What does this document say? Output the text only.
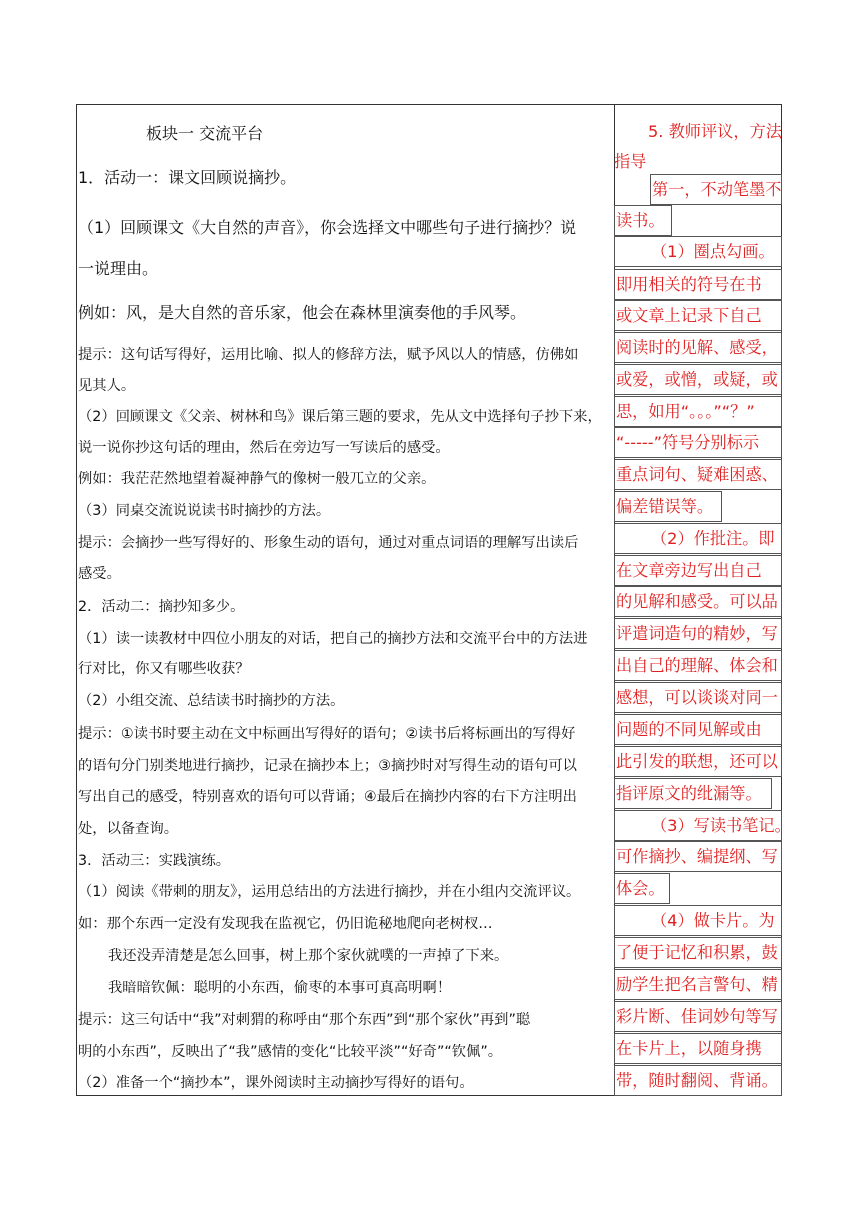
板块一 交流平台
1．活动一：课文回顾说摘抄。
（1）回顾课文《大自然的声音》，你会选择文中哪些句子进行摘抄？说
一说理由。
例如：风，是大自然的音乐家，他会在森林里演奏他的手风琴。
提示：这句话写得好，运用比喻、拟人的修辞方法，赋予风以人的情感，仿佛如
见其人。
（2）回顾课文《父亲、树林和鸟》课后第三题的要求，先从文中选择句子抄下来，
说一说你抄这句话的理由，然后在旁边写一写读后的感受。
例如：我茫茫然地望着凝神静气的像树一般兀立的父亲。
（3）同桌交流说说读书时摘抄的方法。
提示：会摘抄一些写得好的、形象生动的语句，通过对重点词语的理解写出读后
感受。
2．活动二：摘抄知多少。
（1）读一读教材中四位小朋友的对话，把自己的摘抄方法和交流平台中的方法进
行对比，你又有哪些收获？
（2）小组交流、总结读书时摘抄的方法。
提示：①读书时要主动在文中标画出写得好的语句；②读书后将标画出的写得好
的语句分门别类地进行摘抄，记录在摘抄本上；③摘抄时对写得生动的语句可以
写出自己的感受，特别喜欢的语句可以背诵；④最后在摘抄内容的右下方注明出
处，以备查询。
3．活动三：实践演练。
（1）阅读《带刺的朋友》，运用总结出的方法进行摘抄，并在小组内交流评议。
如：那个东西一定没有发现我在监视它，仍旧诡秘地爬向老树杈…
我还没弄清楚是怎么回事，树上那个家伙就噗的一声掉了下来。
我暗暗钦佩：聪明的小东西，偷枣的本事可真高明啊！
提示：这三句话中“我”对刺猬的称呼由“那个东西”到“那个家伙”再到”聪
明的小东西”，反映出了“我”感情的变化“比较平淡”“好奇”“钦佩”。
（2）准备一个“摘抄本”，课外阅读时主动摘抄写得好的语句。
5. 教师评议，方法
指导
第一，不动笔墨不
读书。
（1）圈点勾画。
即用相关的符号在书
或文章上记录下自己
阅读时的见解、感受，
或爱，或憎，或疑，或
思，如用“。。。”“？”
“-----”符号分别标示
重点词句、疑难困惑、
偏差错误等。
（2）作批注。即
在文章旁边写出自己
的见解和感受。可以品
评遣词造句的精妙，写
出自己的理解、体会和
感想，可以谈谈对同一
问题的不同见解或由
此引发的联想，还可以
指评原文的纰漏等。
（3）写读书笔记。
可作摘抄、编提纲、写
体会。
（4）做卡片。为
了便于记忆和积累，鼓
励学生把名言警句、精
彩片断、佳词妙句等写
在卡片上，以随身携
带，随时翻阅、背诵。
